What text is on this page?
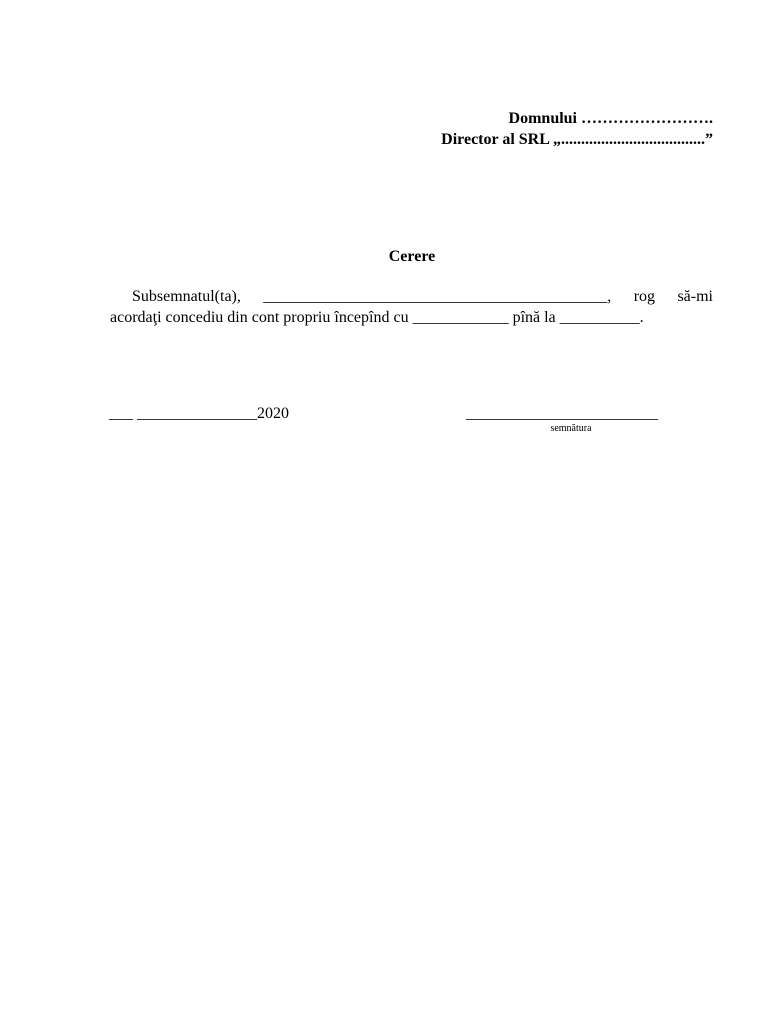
Domnului …………………….
Director al SRL „....................................”
Cerere
Subsemnatul(ta), ___________________________________________, rog să-mi
acordaţi concediu din cont propriu începînd cu ____________ pînă la __________.
___ _______________2020	________________________
semnătura
